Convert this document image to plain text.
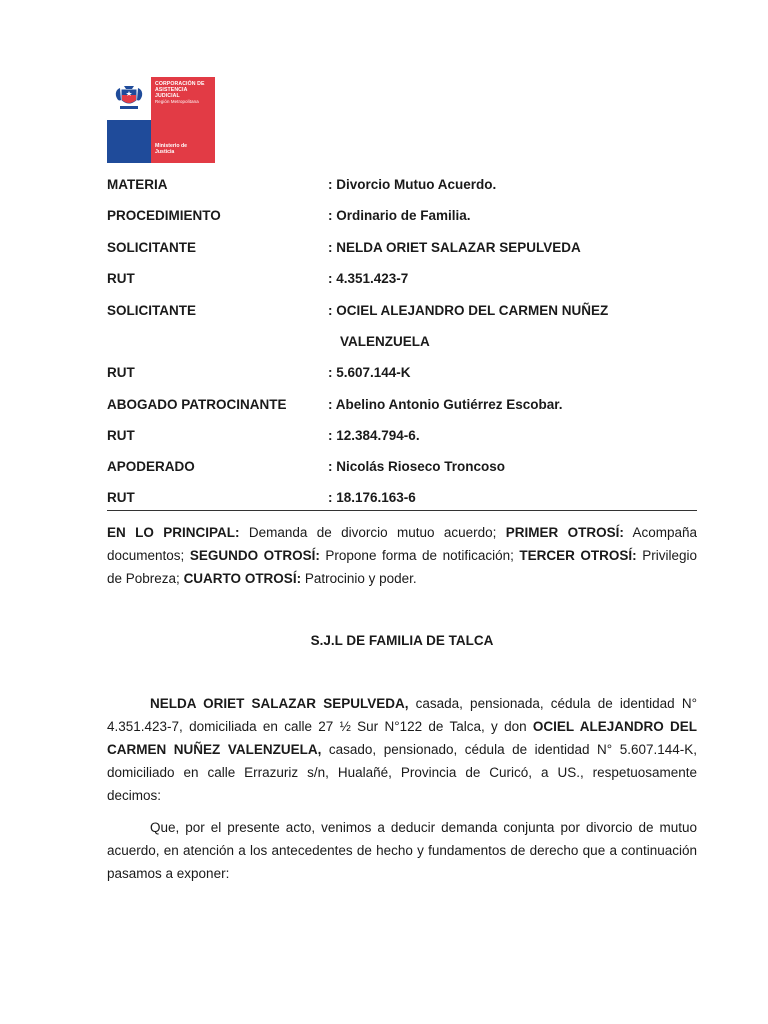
CORPORACIÓN DE
ASISTENCIA
JUDICIAL
Región Metropolitana
Ministerio de
Justicia
MATERIA	: Divorcio Mutuo Acuerdo.
PROCEDIMIENTO	: Ordinario de Familia.
SOLICITANTE	: NELDA ORIET SALAZAR SEPULVEDA
RUT	: 4.351.423-7
SOLICITANTE	: OCIEL ALEJANDRO DEL CARMEN NUÑEZ
VALENZUELA
RUT	: 5.607.144-K
ABOGADO PATROCINANTE	: Abelino Antonio Gutiérrez Escobar.
RUT	: 12.384.794-6.
APODERADO	: Nicolás Rioseco Troncoso
RUT	: 18.176.163-6
EN LO PRINCIPAL: Demanda de divorcio mutuo acuerdo; PRIMER OTROSÍ: Acompaña documentos; SEGUNDO OTROSÍ: Propone forma de notificación; TERCER OTROSÍ: Privilegio de Pobreza; CUARTO OTROSÍ: Patrocinio y poder.
S.J.L DE FAMILIA DE TALCA
NELDA ORIET SALAZAR SEPULVEDA, casada, pensionada, cédula de identidad N° 4.351.423-7, domiciliada en calle 27 ½ Sur N°122 de Talca, y don OCIEL ALEJANDRO DEL CARMEN NUÑEZ VALENZUELA, casado, pensionado, cédula de identidad N° 5.607.144-K, domiciliado en calle Errazuriz s/n, Hualañé, Provincia de Curicó, a US., respetuosamente decimos:
Que, por el presente acto, venimos a deducir demanda conjunta por divorcio de mutuo acuerdo, en atención a los antecedentes de hecho y fundamentos de derecho que a continuación pasamos a exponer:
